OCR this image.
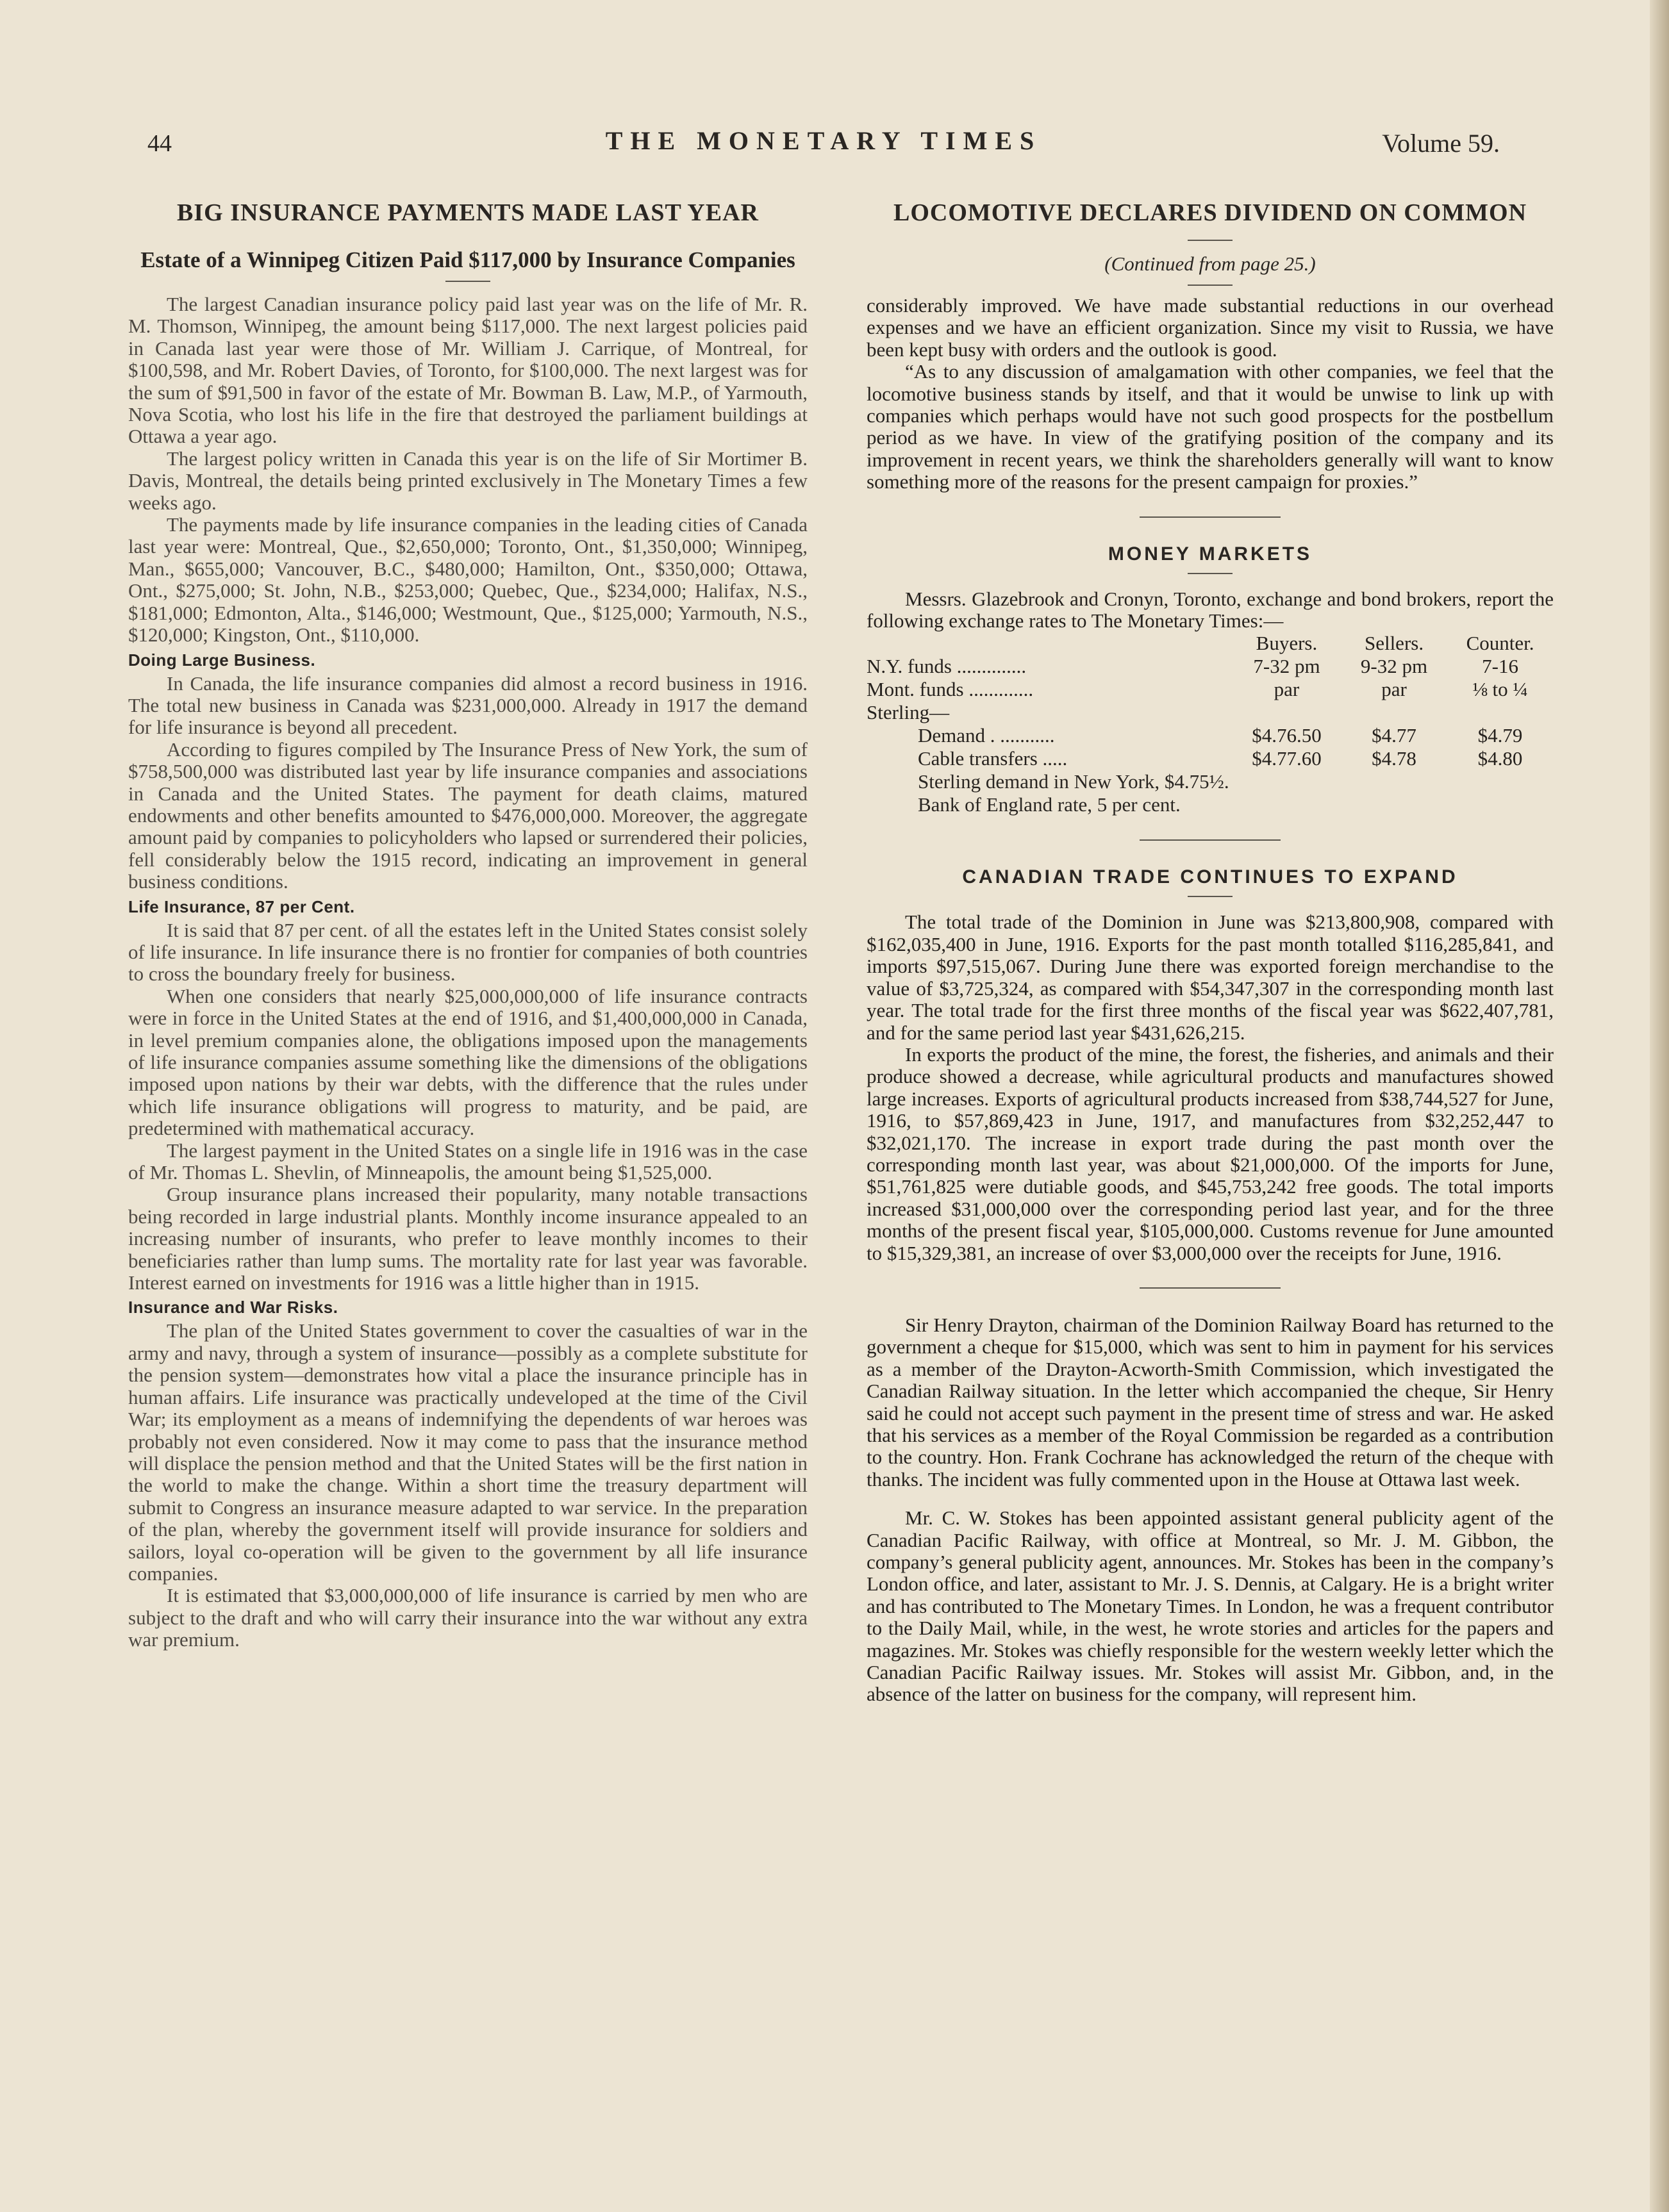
44	THE MONETARY TIMES	Volume 59.
BIG INSURANCE PAYMENTS MADE LAST YEAR
Estate of a Winnipeg Citizen Paid $117,000 by Insurance Companies

The largest Canadian insurance policy paid last year was on the life of Mr. R. M. Thomson, Winnipeg, the amount being $117,000. The next largest policies paid in Canada last year were those of Mr. William J. Carrique, of Montreal, for $100,598, and Mr. Robert Davies, of Toronto, for $100,000. The next largest was for the sum of $91,500 in favor of the estate of Mr. Bowman B. Law, M.P., of Yarmouth, Nova Scotia, who lost his life in the fire that destroyed the parliament buildings at Ottawa a year ago.

The largest policy written in Canada this year is on the life of Sir Mortimer B. Davis, Montreal, the details being printed exclusively in The Monetary Times a few weeks ago.

The payments made by life insurance companies in the leading cities of Canada last year were: Montreal, Que., $2,650,000; Toronto, Ont., $1,350,000; Winnipeg, Man., $655,000; Vancouver, B.C., $480,000; Hamilton, Ont., $350,000; Ottawa, Ont., $275,000; St. John, N.B., $253,000; Quebec, Que., $234,000; Halifax, N.S., $181,000; Edmonton, Alta., $146,000; Westmount, Que., $125,000; Yarmouth, N.S., $120,000; Kingston, Ont., $110,000.

Doing Large Business.

In Canada, the life insurance companies did almost a record business in 1916. The total new business in Canada was $231,000,000. Already in 1917 the demand for life insurance is beyond all precedent.

According to figures compiled by The Insurance Press of New York, the sum of $758,500,000 was distributed last year by life insurance companies and associations in Canada and the United States. The payment for death claims, matured endowments and other benefits amounted to $476,000,000. Moreover, the aggregate amount paid by companies to policyholders who lapsed or surrendered their policies, fell considerably below the 1915 record, indicating an improvement in general business conditions.

Life Insurance, 87 per Cent.

It is said that 87 per cent. of all the estates left in the United States consist solely of life insurance. In life insurance there is no frontier for companies of both countries to cross the boundary freely for business.

When one considers that nearly $25,000,000,000 of life insurance contracts were in force in the United States at the end of 1916, and $1,400,000,000 in Canada, in level premium companies alone, the obligations imposed upon the managements of life insurance companies assume something like the dimensions of the obligations imposed upon nations by their war debts, with the difference that the rules under which life insurance obligations will progress to maturity, and be paid, are predetermined with mathematical accuracy.

The largest payment in the United States on a single life in 1916 was in the case of Mr. Thomas L. Shevlin, of Minneapolis, the amount being $1,525,000.

Group insurance plans increased their popularity, many notable transactions being recorded in large industrial plants. Monthly income insurance appealed to an increasing number of insurants, who prefer to leave monthly incomes to their beneficiaries rather than lump sums. The mortality rate for last year was favorable. Interest earned on investments for 1916 was a little higher than in 1915.

Insurance and War Risks.

The plan of the United States government to cover the casualties of war in the army and navy, through a system of insurance—possibly as a complete substitute for the pension system—demonstrates how vital a place the insurance principle has in human affairs. Life insurance was practically undeveloped at the time of the Civil War; its employment as a means of indemnifying the dependents of war heroes was probably not even considered. Now it may come to pass that the insurance method will displace the pension method and that the United States will be the first nation in the world to make the change. Within a short time the treasury department will submit to Congress an insurance measure adapted to war service. In the preparation of the plan, whereby the government itself will provide insurance for soldiers and sailors, loyal co-operation will be given to the government by all life insurance companies.

It is estimated that $3,000,000,000 of life insurance is carried by men who are subject to the draft and who will carry their insurance into the war without any extra war premium.

LOCOMOTIVE DECLARES DIVIDEND ON COMMON
(Continued from page 25.)

considerably improved. We have made substantial reductions in our overhead expenses and we have an efficient organization. Since my visit to Russia, we have been kept busy with orders and the outlook is good.

“As to any discussion of amalgamation with other companies, we feel that the locomotive business stands by itself, and that it would be unwise to link up with companies which perhaps would have not such good prospects for the postbellum period as we have. In view of the gratifying position of the company and its improvement in recent years, we think the shareholders generally will want to know something more of the reasons for the present campaign for proxies.”

MONEY MARKETS

Messrs. Glazebrook and Cronyn, Toronto, exchange and bond brokers, report the following exchange rates to The Monetary Times:—

	Buyers.	Sellers.	Counter.
N.Y. funds ..............	7-32 pm	9-32 pm	7-16
Mont. funds .............	par	par	⅛ to ¼
Sterling—			
Demand . ...........	$4.76.50	$4.77	$4.79
Cable transfers .....	$4.77.60	$4.78	$4.80
Sterling demand in New York, $4.75½.
Bank of England rate, 5 per cent.
CANADIAN TRADE CONTINUES TO EXPAND

The total trade of the Dominion in June was $213,800,908, compared with $162,035,400 in June, 1916. Exports for the past month totalled $116,285,841, and imports $97,515,067. During June there was exported foreign merchandise to the value of $3,725,324, as compared with $54,347,307 in the corresponding month last year. The total trade for the first three months of the fiscal year was $622,407,781, and for the same period last year $431,626,215.

In exports the product of the mine, the forest, the fisheries, and animals and their produce showed a decrease, while agricultural products and manufactures showed large increases. Exports of agricultural products increased from $38,744,527 for June, 1916, to $57,869,423 in June, 1917, and manufactures from $32,252,447 to $32,021,170. The increase in export trade during the past month over the corresponding month last year, was about $21,000,000. Of the imports for June, $51,761,825 were dutiable goods, and $45,753,242 free goods. The total imports increased $31,000,000 over the corresponding period last year, and for the three months of the present fiscal year, $105,000,000. Customs revenue for June amounted to $15,329,381, an increase of over $3,000,000 over the receipts for June, 1916.

Sir Henry Drayton, chairman of the Dominion Railway Board has returned to the government a cheque for $15,000, which was sent to him in payment for his services as a member of the Drayton-Acworth-Smith Commission, which investigated the Canadian Railway situation. In the letter which accompanied the cheque, Sir Henry said he could not accept such payment in the present time of stress and war. He asked that his services as a member of the Royal Commission be regarded as a contribution to the country. Hon. Frank Cochrane has acknowledged the return of the cheque with thanks. The incident was fully commented upon in the House at Ottawa last week.

Mr. C. W. Stokes has been appointed assistant general publicity agent of the Canadian Pacific Railway, with office at Montreal, so Mr. J. M. Gibbon, the company’s general publicity agent, announces. Mr. Stokes has been in the company’s London office, and later, assistant to Mr. J. S. Dennis, at Calgary. He is a bright writer and has contributed to The Monetary Times. In London, he was a frequent contributor to the Daily Mail, while, in the west, he wrote stories and articles for the papers and magazines. Mr. Stokes was chiefly responsible for the western weekly letter which the Canadian Pacific Railway issues. Mr. Stokes will assist Mr. Gibbon, and, in the absence of the latter on business for the company, will represent him.
